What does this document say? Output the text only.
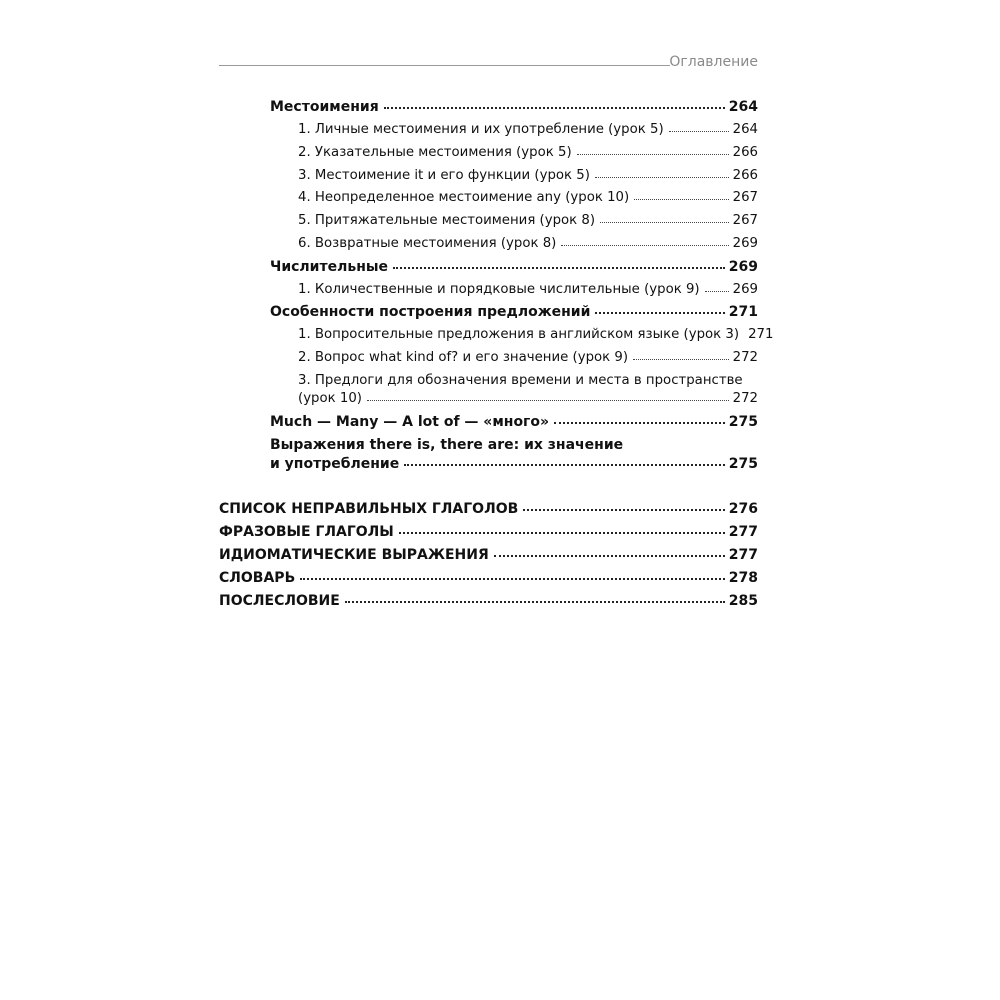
Оглавление
Местоимения	264
1. Личные местоимения и их употребление (урок 5)	264
2. Указательные местоимения (урок 5)	266
3. Местоимение it и его функции (урок 5)	266
4. Неопределенное местоимение any (урок 10)	267
5. Притяжательные местоимения (урок 8)	267
6. Возвратные местоимения (урок 8)	269
Числительные	269
1. Количественные и порядковые числительные (урок 9) 269
Особенности построения предложений	271
1. Вопросительные предложения в английском языке (урок 3) 271
2. Вопрос what kind of? и его значение (урок 9)	272
3. Предлоги для обозначения времени и места в пространстве
(урок 10)	272
Much — Many — A lot of — «много»	275
Выражения there is, there are: их значение
и употребление	275
СПИСОК НЕПРАВИЛЬНЫХ ГЛАГОЛОВ	276
ФРАЗОВЫЕ ГЛАГОЛЫ	277
ИДИОМАТИЧЕСКИЕ ВЫРАЖЕНИЯ	277
СЛОВАРЬ	278
ПОСЛЕСЛОВИЕ	285
